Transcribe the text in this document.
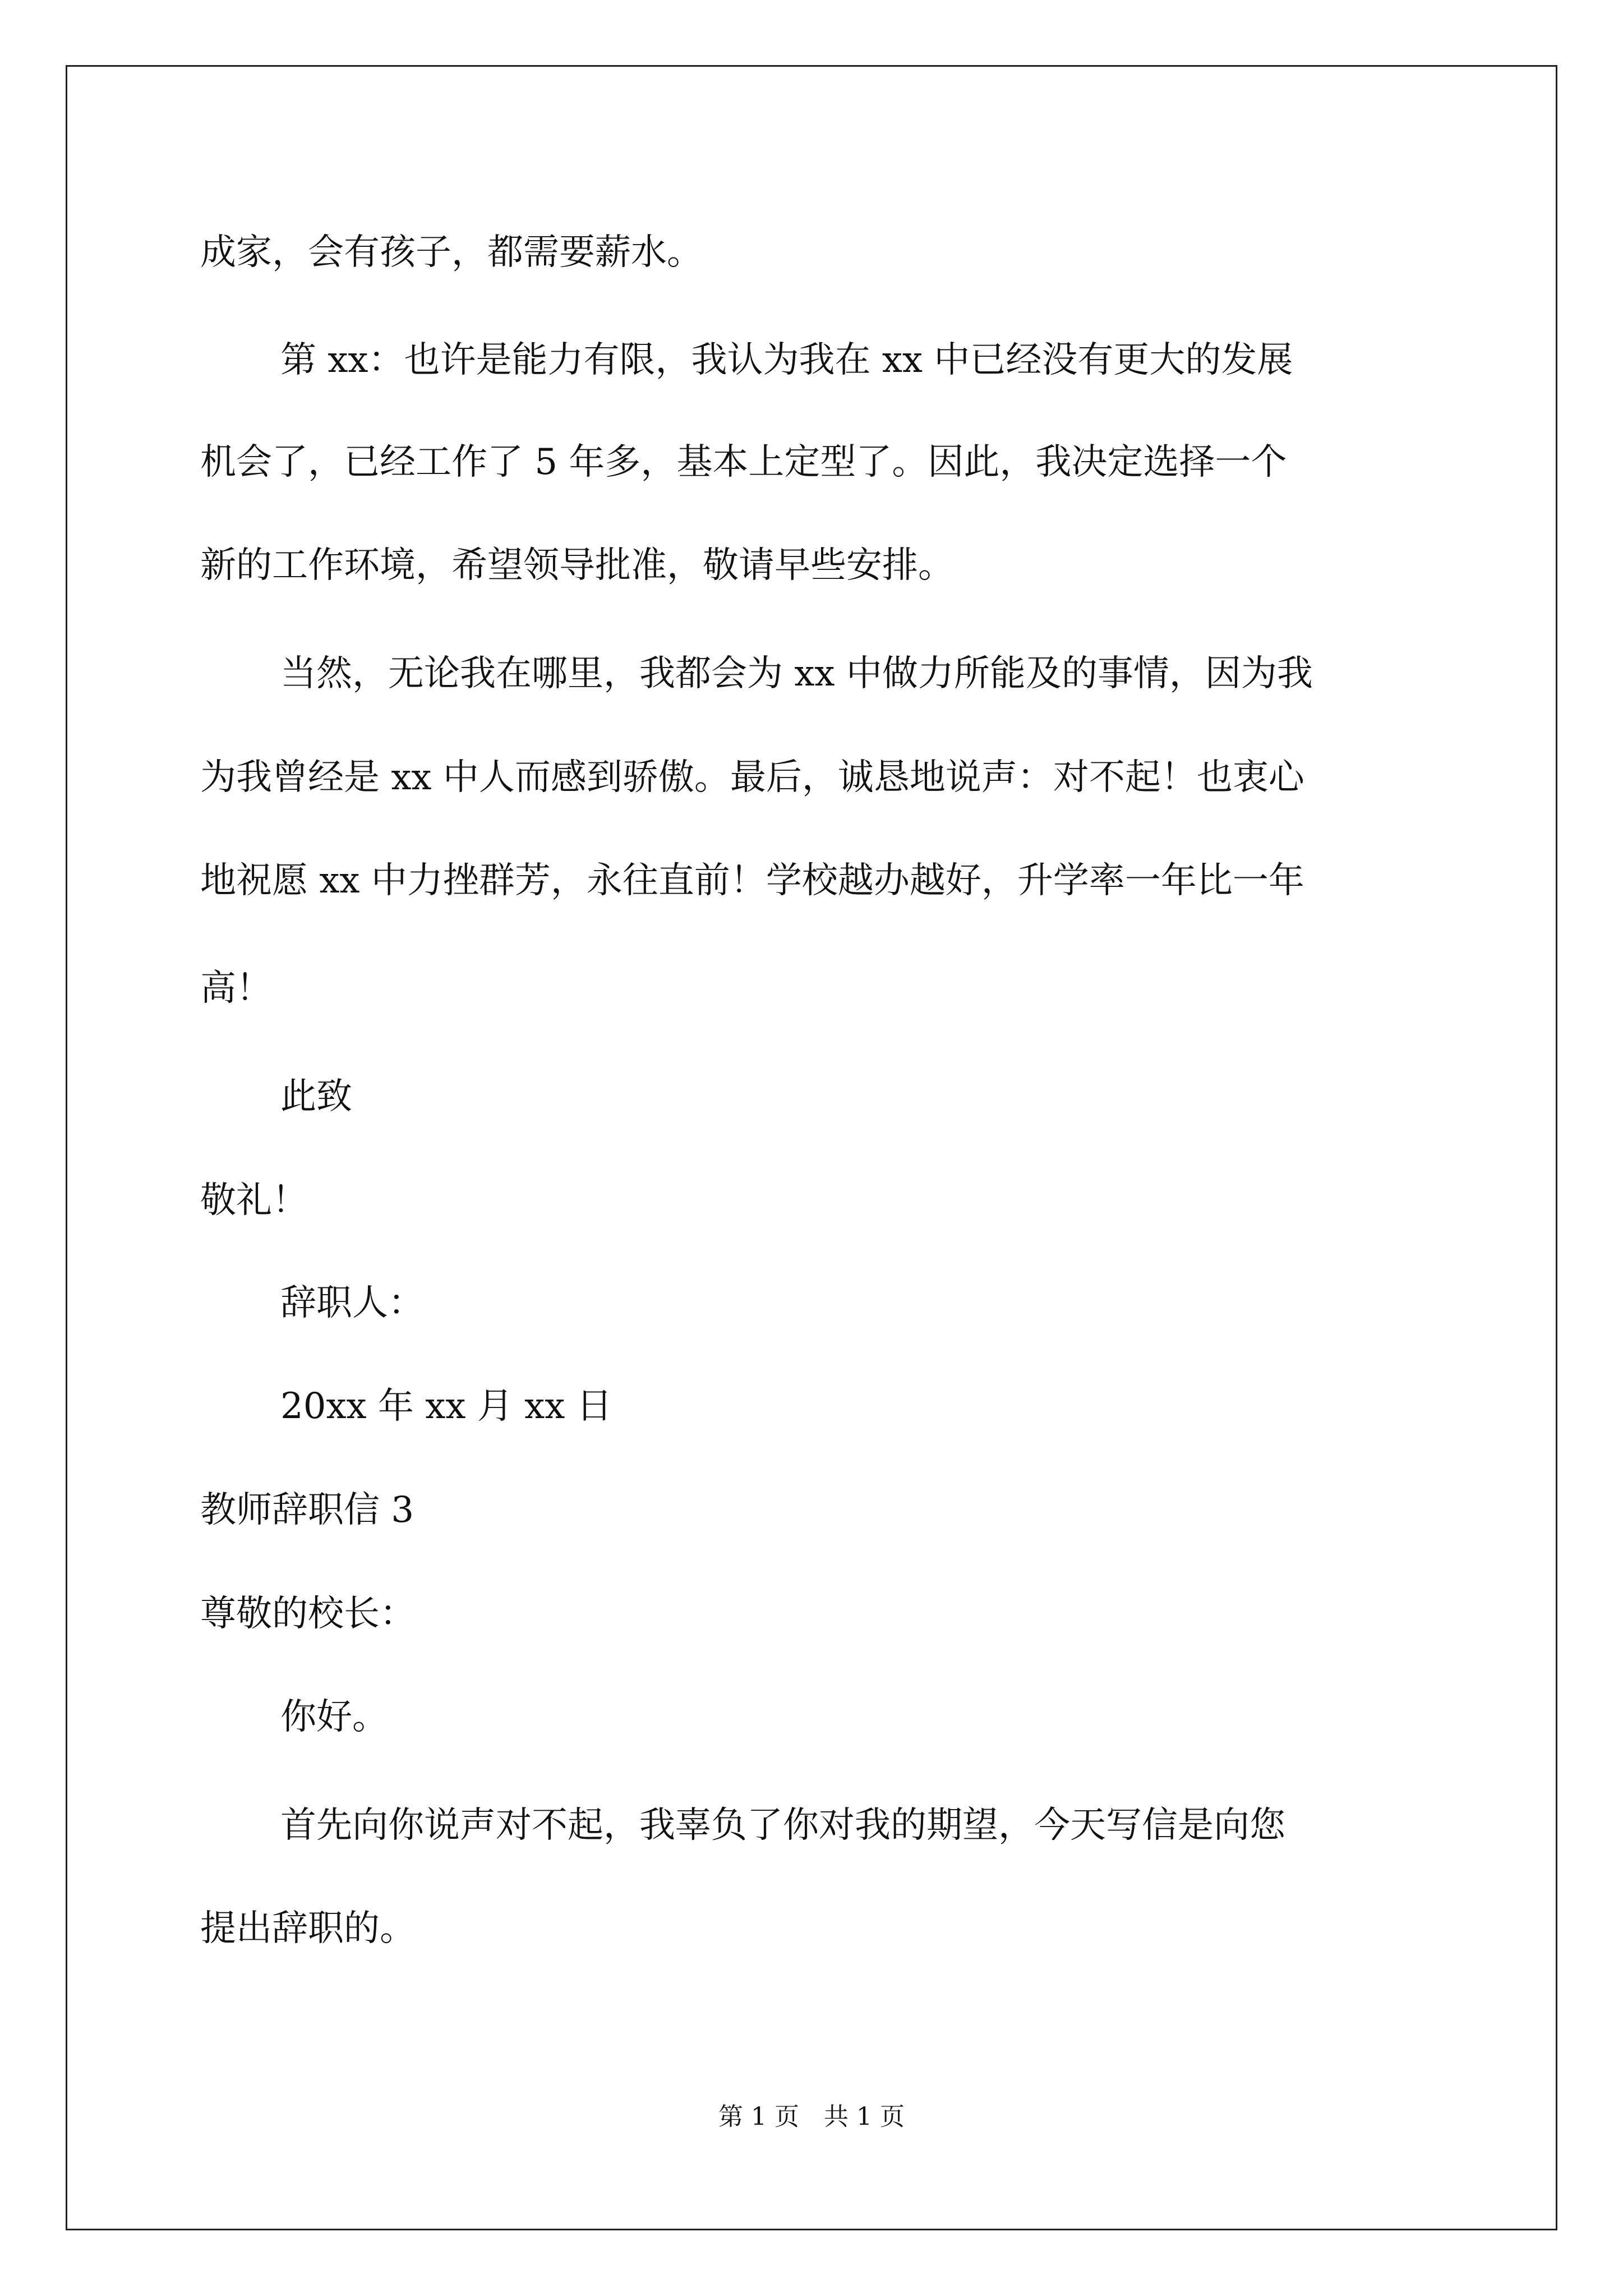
成家，会有孩子，都需要薪水。
第 xx：也许是能力有限，我认为我在 xx 中已经没有更大的发展
机会了，已经工作了 5 年多，基本上定型了。因此，我决定选择一个
新的工作环境，希望领导批准，敬请早些安排。
当然，无论我在哪里，我都会为 xx 中做力所能及的事情，因为我
为我曾经是 xx 中人而感到骄傲。最后，诚恳地说声：对不起！也衷心
地祝愿 xx 中力挫群芳，永往直前！学校越办越好，升学率一年比一年
高！
此致
敬礼！
辞职人：
20xx 年 xx 月 xx 日
教师辞职信 3
尊敬的校长：
你好。
首先向你说声对不起，我辜负了你对我的期望，今天写信是向您
提出辞职的。
第 1 页　共 1 页
